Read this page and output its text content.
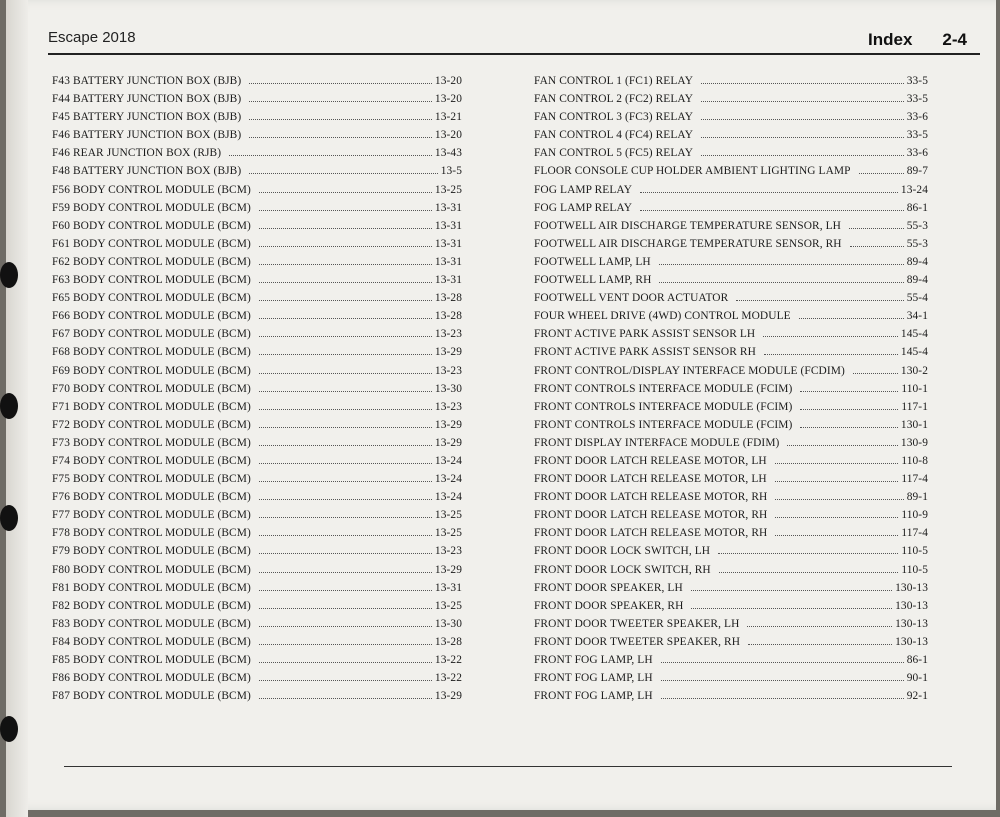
Escape 2018	Index 2-4
F43 BATTERY JUNCTION BOX (BJB)	13-20
F44 BATTERY JUNCTION BOX (BJB)	13-20
F45 BATTERY JUNCTION BOX (BJB)	13-21
F46 BATTERY JUNCTION BOX (BJB)	13-20
F46 REAR JUNCTION BOX (RJB)	13-43
F48 BATTERY JUNCTION BOX (BJB)	13-5
F56 BODY CONTROL MODULE (BCM)	13-25
F59 BODY CONTROL MODULE (BCM)	13-31
F60 BODY CONTROL MODULE (BCM)	13-31
F61 BODY CONTROL MODULE (BCM)	13-31
F62 BODY CONTROL MODULE (BCM)	13-31
F63 BODY CONTROL MODULE (BCM)	13-31
F65 BODY CONTROL MODULE (BCM)	13-28
F66 BODY CONTROL MODULE (BCM)	13-28
F67 BODY CONTROL MODULE (BCM)	13-23
F68 BODY CONTROL MODULE (BCM)	13-29
F69 BODY CONTROL MODULE (BCM)	13-23
F70 BODY CONTROL MODULE (BCM)	13-30
F71 BODY CONTROL MODULE (BCM)	13-23
F72 BODY CONTROL MODULE (BCM)	13-29
F73 BODY CONTROL MODULE (BCM)	13-29
F74 BODY CONTROL MODULE (BCM)	13-24
F75 BODY CONTROL MODULE (BCM)	13-24
F76 BODY CONTROL MODULE (BCM)	13-24
F77 BODY CONTROL MODULE (BCM)	13-25
F78 BODY CONTROL MODULE (BCM)	13-25
F79 BODY CONTROL MODULE (BCM)	13-23
F80 BODY CONTROL MODULE (BCM)	13-29
F81 BODY CONTROL MODULE (BCM)	13-31
F82 BODY CONTROL MODULE (BCM)	13-25
F83 BODY CONTROL MODULE (BCM)	13-30
F84 BODY CONTROL MODULE (BCM)	13-28
F85 BODY CONTROL MODULE (BCM)	13-22
F86 BODY CONTROL MODULE (BCM)	13-22
F87 BODY CONTROL MODULE (BCM)	13-29
FAN CONTROL 1 (FC1) RELAY	33-5
FAN CONTROL 2 (FC2) RELAY	33-5
FAN CONTROL 3 (FC3) RELAY	33-6
FAN CONTROL 4 (FC4) RELAY	33-5
FAN CONTROL 5 (FC5) RELAY	33-6
FLOOR CONSOLE CUP HOLDER AMBIENT LIGHTING LAMP	89-7
FOG LAMP RELAY	13-24
FOG LAMP RELAY	86-1
FOOTWELL AIR DISCHARGE TEMPERATURE SENSOR, LH	55-3
FOOTWELL AIR DISCHARGE TEMPERATURE SENSOR, RH	55-3
FOOTWELL LAMP, LH	89-4
FOOTWELL LAMP, RH	89-4
FOOTWELL VENT DOOR ACTUATOR	55-4
FOUR WHEEL DRIVE (4WD) CONTROL MODULE	34-1
FRONT ACTIVE PARK ASSIST SENSOR LH	145-4
FRONT ACTIVE PARK ASSIST SENSOR RH	145-4
FRONT CONTROL/DISPLAY INTERFACE MODULE (FCDIM)	130-2
FRONT CONTROLS INTERFACE MODULE (FCIM)	110-1
FRONT CONTROLS INTERFACE MODULE (FCIM)	117-1
FRONT CONTROLS INTERFACE MODULE (FCIM)	130-1
FRONT DISPLAY INTERFACE MODULE (FDIM)	130-9
FRONT DOOR LATCH RELEASE MOTOR, LH	110-8
FRONT DOOR LATCH RELEASE MOTOR, LH	117-4
FRONT DOOR LATCH RELEASE MOTOR, RH	89-1
FRONT DOOR LATCH RELEASE MOTOR, RH	110-9
FRONT DOOR LATCH RELEASE MOTOR, RH	117-4
FRONT DOOR LOCK SWITCH, LH	110-5
FRONT DOOR LOCK SWITCH, RH	110-5
FRONT DOOR SPEAKER, LH	130-13
FRONT DOOR SPEAKER, RH	130-13
FRONT DOOR TWEETER SPEAKER, LH	130-13
FRONT DOOR TWEETER SPEAKER, RH	130-13
FRONT FOG LAMP, LH	86-1
FRONT FOG LAMP, LH	90-1
FRONT FOG LAMP, LH	92-1
